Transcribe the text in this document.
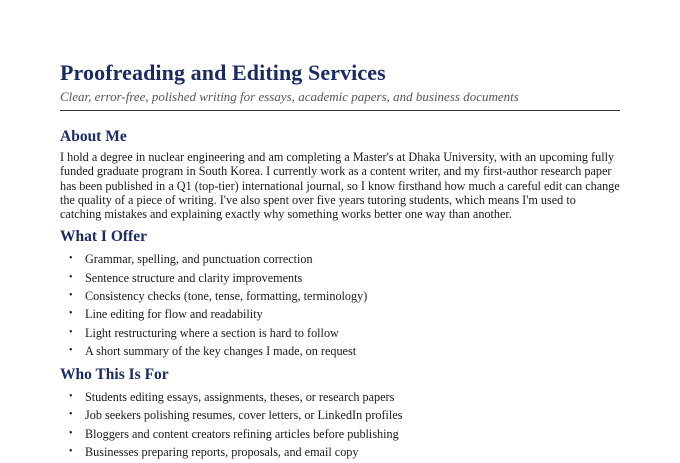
Proofreading and Editing Services

Clear, error-free, polished writing for essays, academic papers, and business documents

About Me

I hold a degree in nuclear engineering and am completing a Master's at Dhaka University, with an upcoming fully funded graduate program in South Korea. I currently work as a content writer, and my first-author research paper has been published in a Q1 (top-tier) international journal, so I know firsthand how much a careful edit can change the quality of a piece of writing. I've also spent over five years tutoring students, which means I'm used to catching mistakes and explaining exactly why something works better one way than another.

What I Offer
• Grammar, spelling, and punctuation correction
• Sentence structure and clarity improvements
• Consistency checks (tone, tense, formatting, terminology)
• Line editing for flow and readability
• Light restructuring where a section is hard to follow
• A short summary of the key changes I made, on request
Who This Is For
• Students editing essays, assignments, theses, or research papers
• Job seekers polishing resumes, cover letters, or LinkedIn profiles
• Bloggers and content creators refining articles before publishing
• Businesses preparing reports, proposals, and email copy
